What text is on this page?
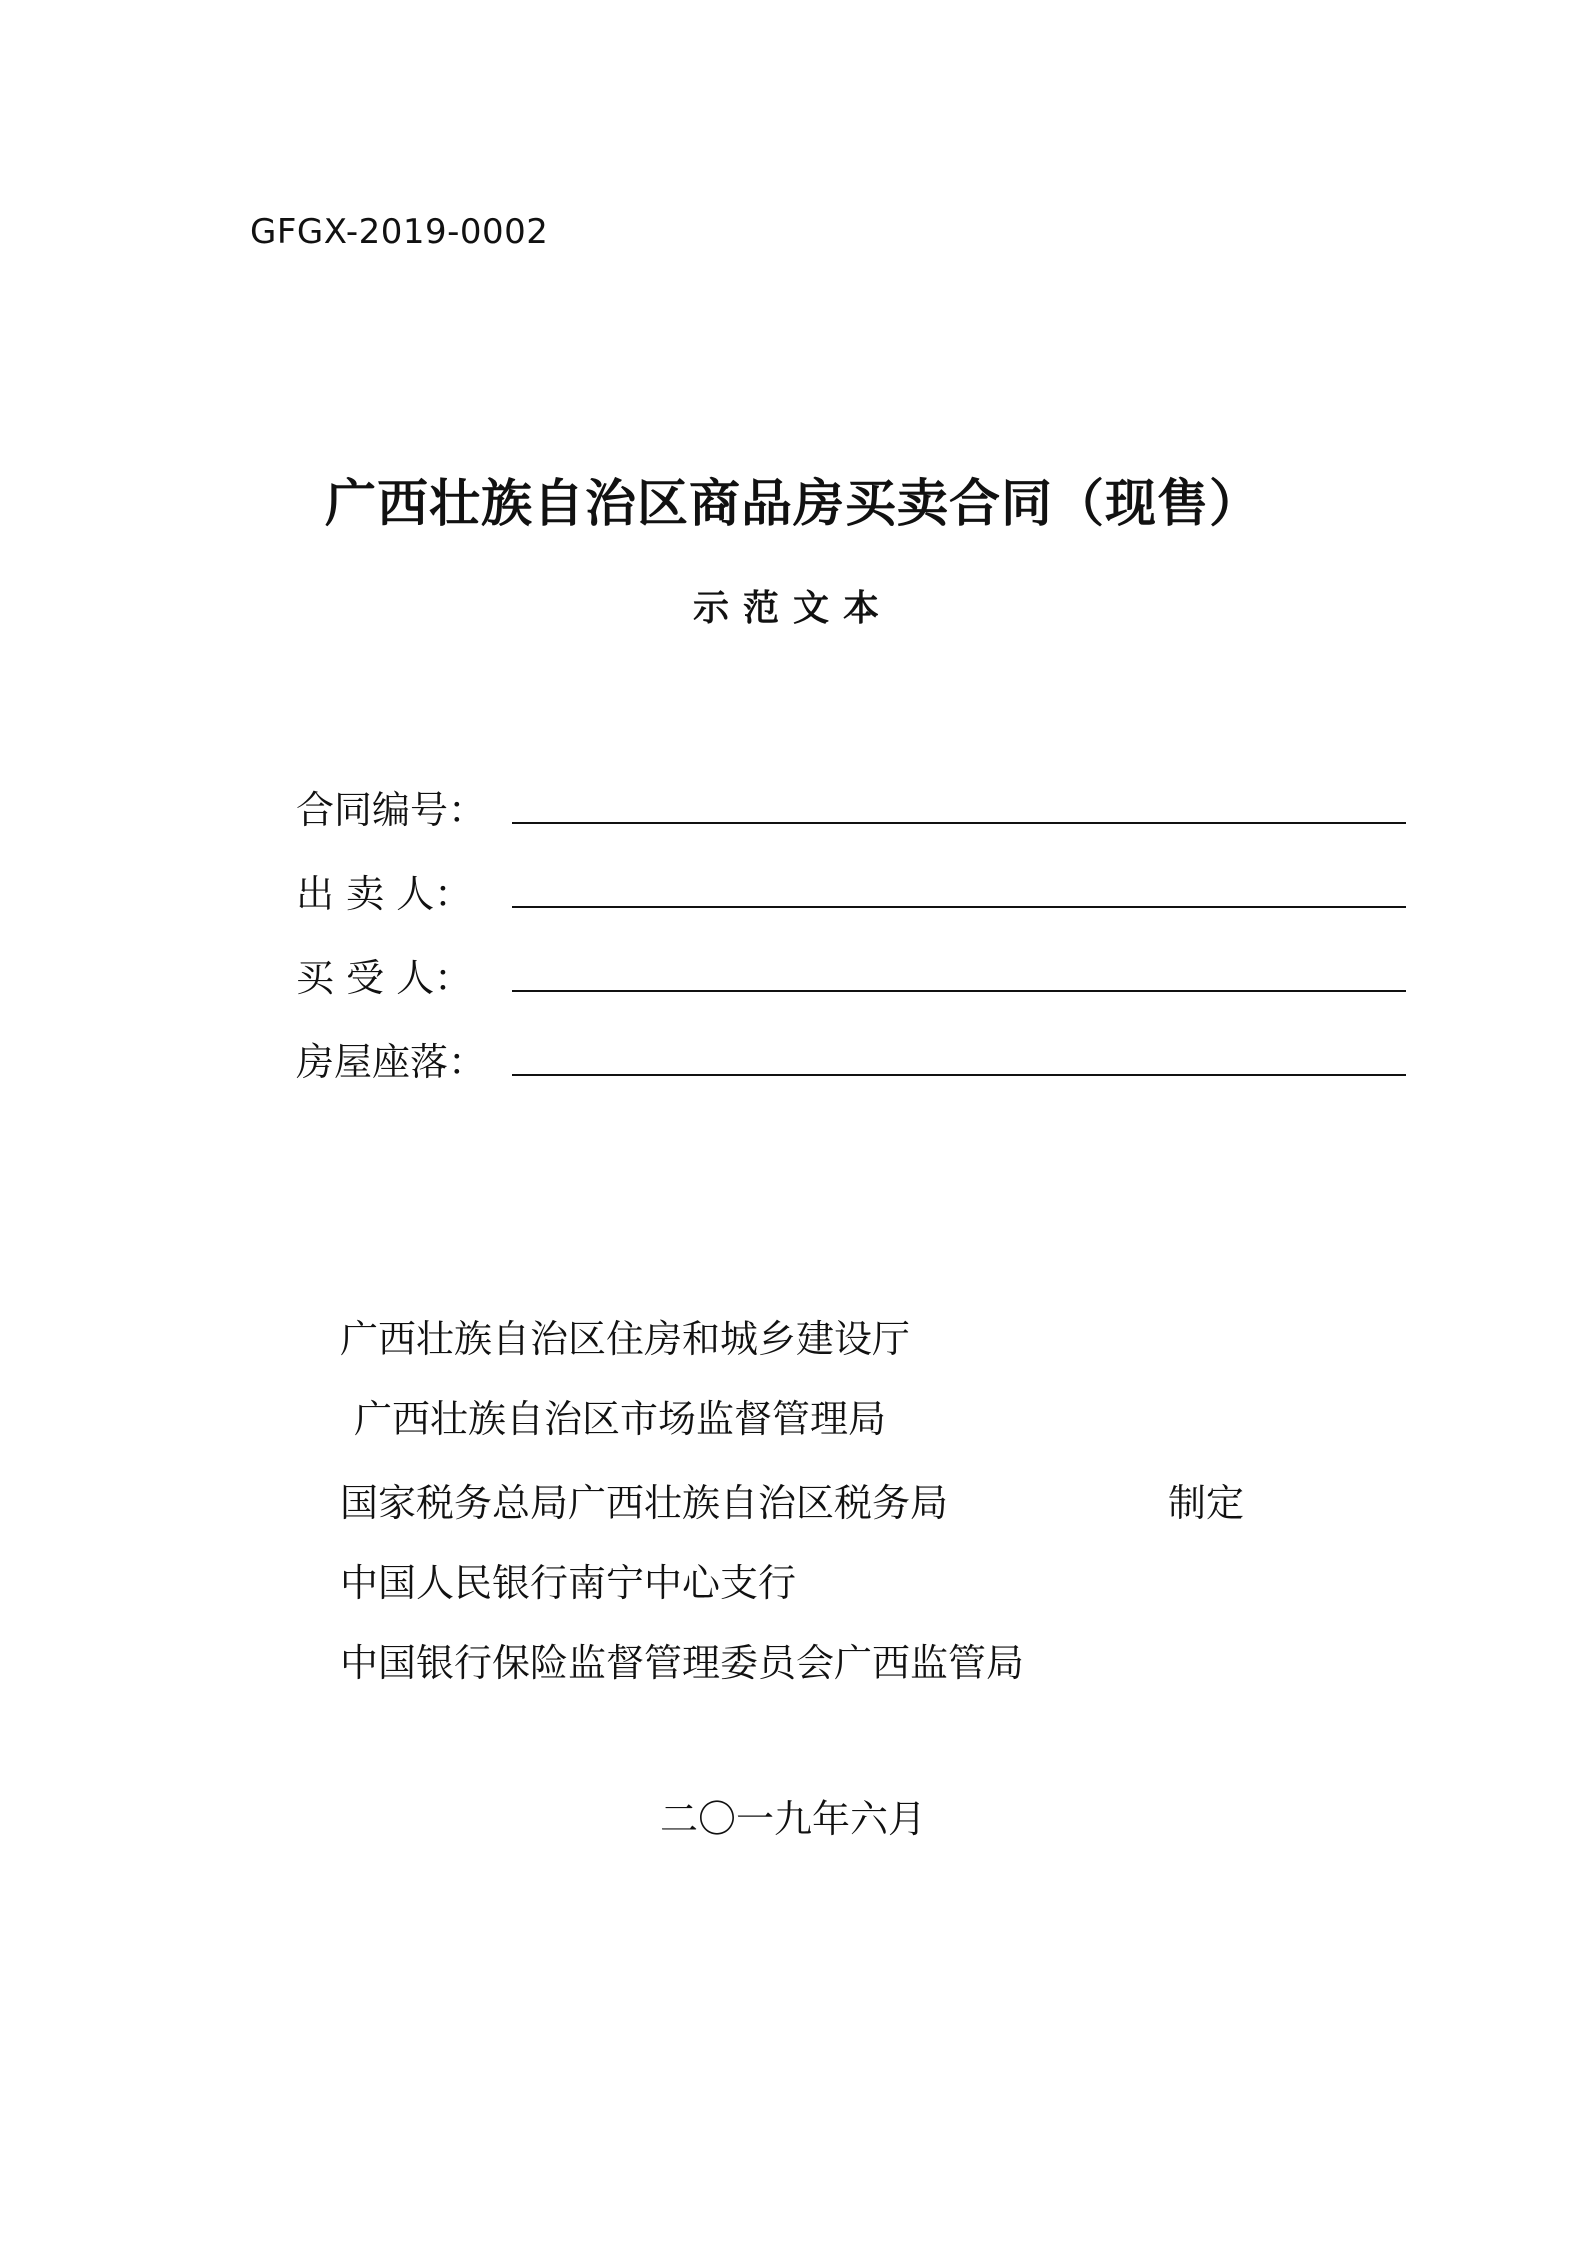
GFGX-2019-0002
广西壮族自治区商品房买卖合同（现售）
示范文本
合同编号：
出 卖 人：
买 受 人：
房屋座落：
广西壮族自治区住房和城乡建设厅
广西壮族自治区市场监督管理局
国家税务总局广西壮族自治区税务局
中国人民银行南宁中心支行
中国银行保险监督管理委员会广西监管局
制定
二〇一九年六月
